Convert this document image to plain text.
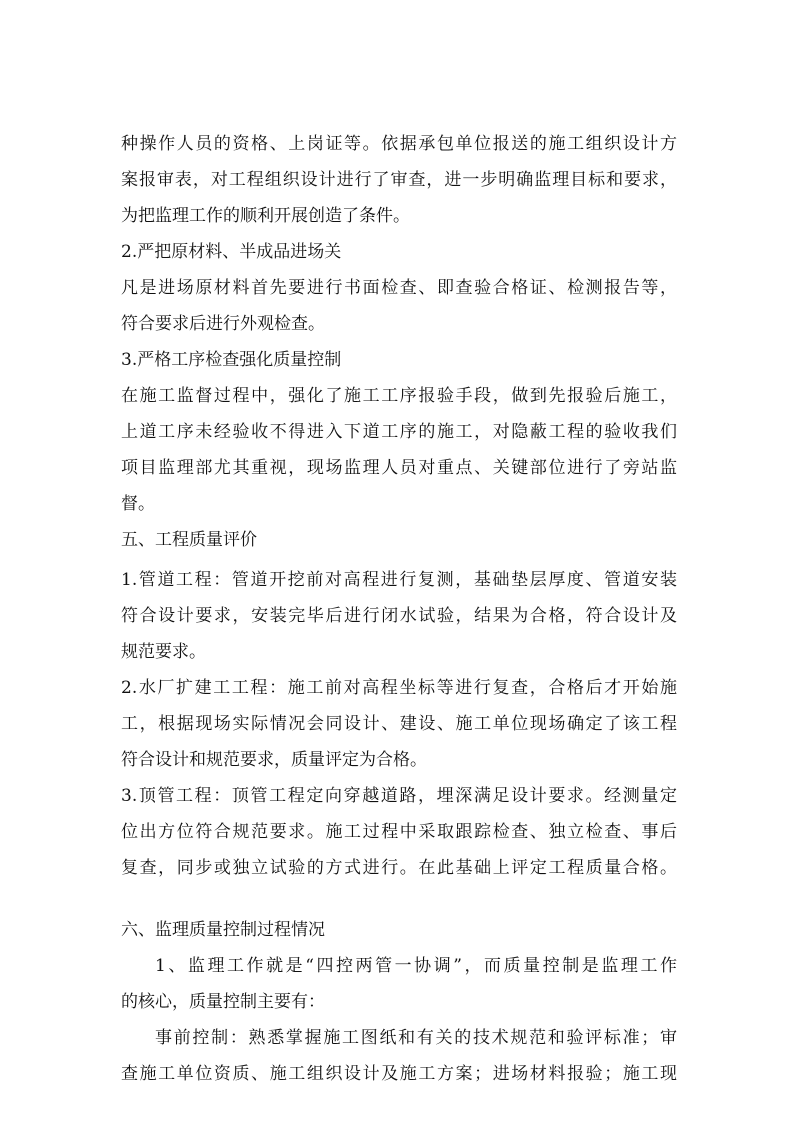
种操作人员的资格、上岗证等。依据承包单位报送的施工组织设计方
案报审表，对工程组织设计进行了审查，进一步明确监理目标和要求，
为把监理工作的顺利开展创造了条件。
2.严把原材料、半成品进场关
凡是进场原材料首先要进行书面检查、即查验合格证、检测报告等，
符合要求后进行外观检查。
3.严格工序检查强化质量控制
在施工监督过程中，强化了施工工序报验手段，做到先报验后施工，
上道工序未经验收不得进入下道工序的施工，对隐蔽工程的验收我们
项目监理部尤其重视，现场监理人员对重点、关键部位进行了旁站监
督。
五、工程质量评价
1.管道工程：管道开挖前对高程进行复测，基础垫层厚度、管道安装
符合设计要求，安装完毕后进行闭水试验，结果为合格，符合设计及
规范要求。
2.水厂扩建工工程：施工前对高程坐标等进行复查，合格后才开始施
工，根据现场实际情况会同设计、建设、施工单位现场确定了该工程
符合设计和规范要求，质量评定为合格。
3.顶管工程：顶管工程定向穿越道路，埋深满足设计要求。经测量定
位出方位符合规范要求。施工过程中采取跟踪检查、独立检查、事后
复查，同步或独立试验的方式进行。在此基础上评定工程质量合格。
六、监理质量控制过程情况
1、监理工作就是“四控两管一协调”，而质量控制是监理工作
的核心，质量控制主要有：
事前控制：熟悉掌握施工图纸和有关的技术规范和验评标准；审
查施工单位资质、施工组织设计及施工方案；进场材料报验；施工现
